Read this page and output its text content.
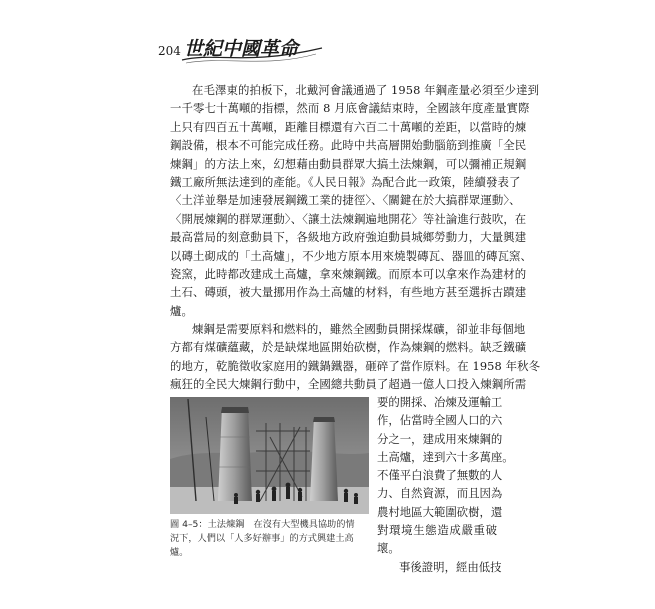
204 世紀中國革命
在毛澤東的拍板下，北戴河會議通過了 1958 年鋼產量必須至少達到
一千零七十萬噸的指標，然而 8 月底會議結束時，全國該年度產量實際
上只有四百五十萬噸，距離目標還有六百二十萬噸的差距，以當時的煉
鋼設備，根本不可能完成任務。此時中共高層開始動腦筋到推廣「全民
煉鋼」的方法上來，幻想藉由動員群眾大搞土法煉鋼，可以彌補正規鋼
鐵工廠所無法達到的產能。《人民日報》為配合此一政策，陸續發表了
〈土洋並舉是加速發展鋼鐵工業的捷徑〉、〈關鍵在於大搞群眾運動〉、
〈開展煉鋼的群眾運動〉、〈讓土法煉鋼遍地開花〉等社論進行鼓吹，在
最高當局的刻意動員下，各級地方政府強迫動員城鄉勞動力，大量興建
以磚土砌成的「土高爐」，不少地方原本用來燒製磚瓦、器皿的磚瓦窯、
瓷窯，此時都改建成土高爐，拿來煉鋼鐵。而原本可以拿來作為建材的
土石、磚頭，被大量挪用作為土高爐的材料，有些地方甚至選拆古蹟建
爐。
煉鋼是需要原料和燃料的，雖然全國動員開採煤礦，卻並非每個地
方都有煤礦蘊藏，於是缺煤地區開始砍樹，作為煉鋼的燃料。缺乏鐵礦
的地方，乾脆徵收家庭用的鐵鍋鐵器，砸碎了當作原料。在 1958 年秋冬
瘋狂的全民大煉鋼行動中，全國總共動員了超過一億人口投入煉鋼所需
要的開採、冶煉及運輸工
作，佔當時全國人口的六
分之一，建成用來煉鋼的
土高爐，達到六十多萬座。
不僅平白浪費了無數的人
力、自然資源，而且因為
農村地區大範圍砍樹，還
對環境生態造成嚴重破
壞。
事後證明，經由低技
圖 4–5：土法煉鋼　在沒有大型機具協助的情
況下，人們以「人多好辦事」的方式興建土高
爐。
